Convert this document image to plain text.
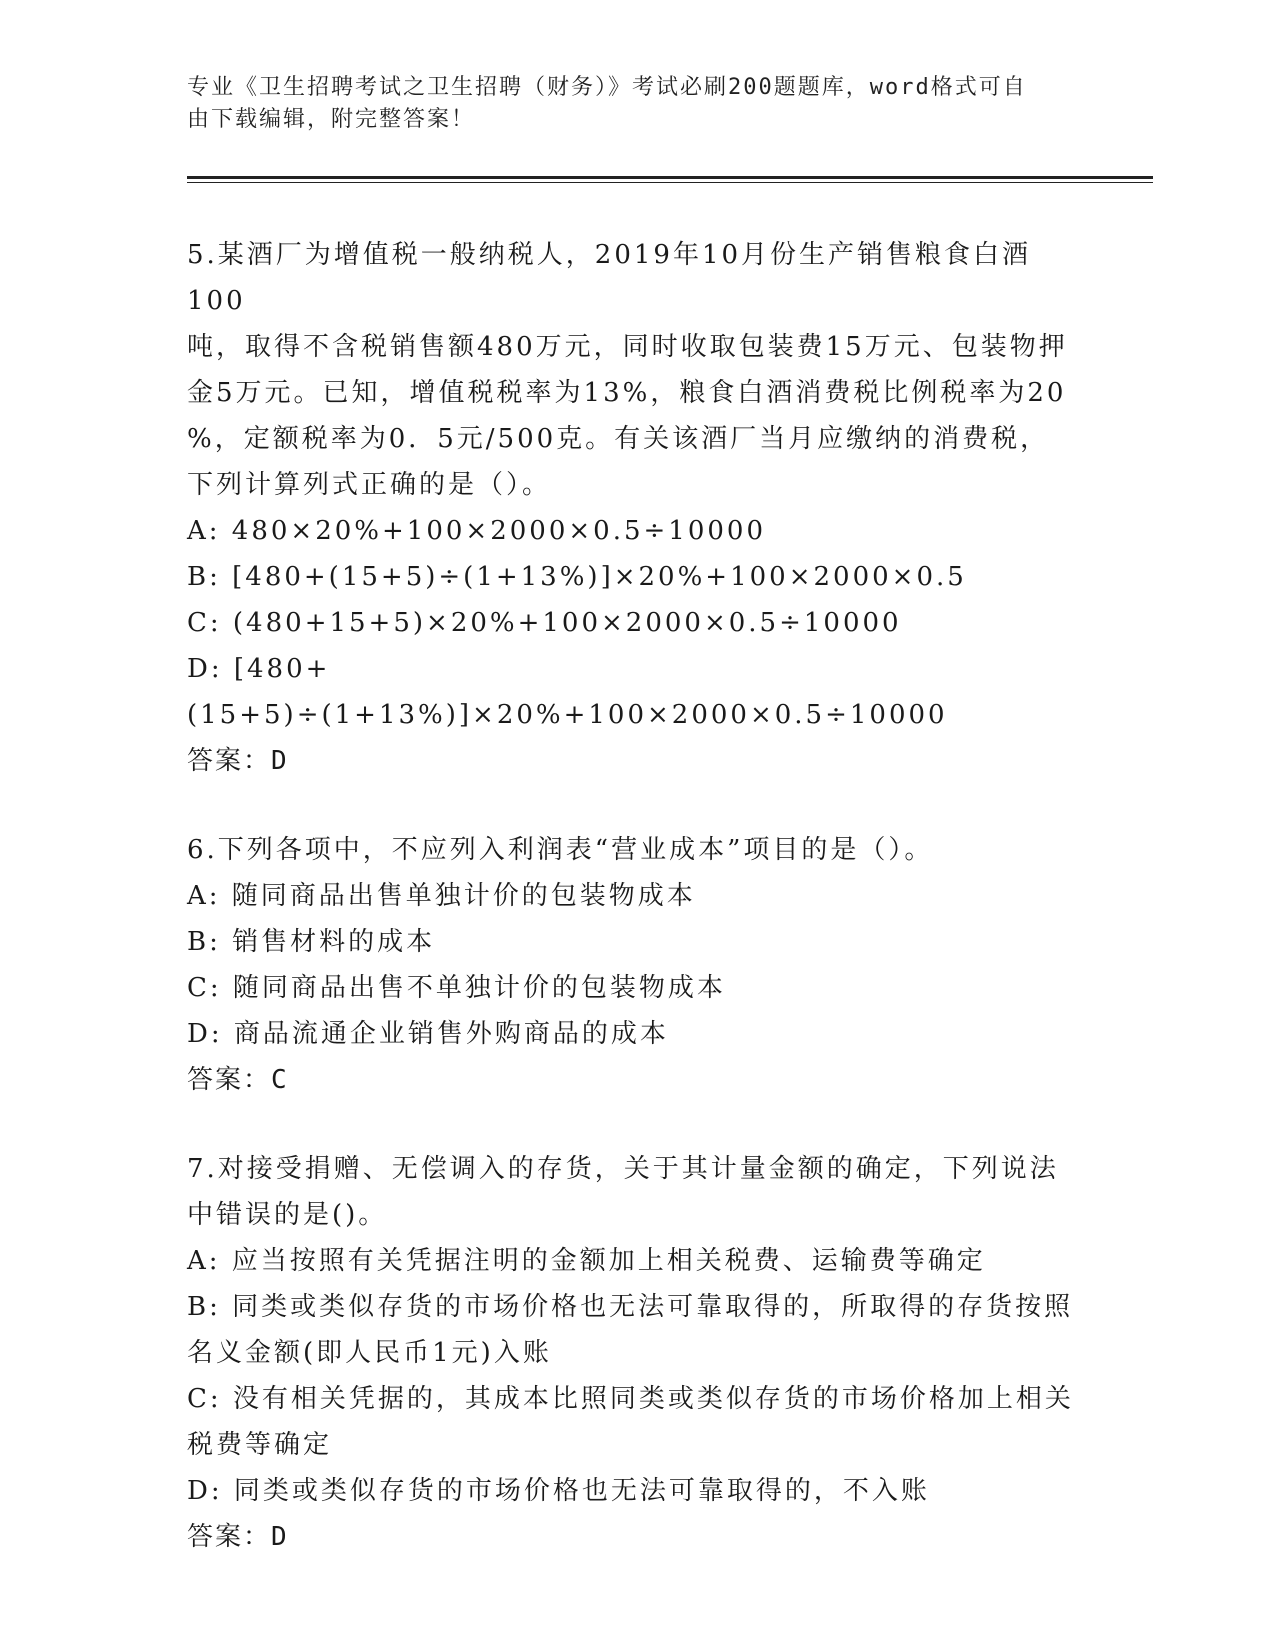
专业《卫生招聘考试之卫生招聘（财务）》考试必刷200题题库，word格式可自
由下载编辑，附完整答案！

5.某酒厂为增值税一般纳税人，2019年10月份生产销售粮食白酒100

吨，取得不含税销售额480万元，同时收取包装费15万元、包装物押

金5万元。已知，增值税税率为13%，粮食白酒消费税比例税率为20

%，定额税率为0．5元/500克。有关该酒厂当月应缴纳的消费税，

下列计算列式正确的是（）。

A: 480×20%+100×2000×0.5÷10000

B: [480+(15+5)÷(1+13%)]×20%+100×2000×0.5

C: (480+15+5)×20%+100×2000×0.5÷10000

D: [480+(15+5)÷(1+13%)]×20%+100×2000×0.5÷10000

答案：D

6.下列各项中，不应列入利润表“营业成本”项目的是（）。

A: 随同商品出售单独计价的包装物成本

B: 销售材料的成本

C: 随同商品出售不单独计价的包装物成本

D: 商品流通企业销售外购商品的成本

答案：C

7.对接受捐赠、无偿调入的存货，关于其计量金额的确定，下列说法

中错误的是()。

A: 应当按照有关凭据注明的金额加上相关税费、运输费等确定

B: 同类或类似存货的市场价格也无法可靠取得的，所取得的存货按照

名义金额(即人民币1元)入账

C: 没有相关凭据的，其成本比照同类或类似存货的市场价格加上相关

税费等确定

D: 同类或类似存货的市场价格也无法可靠取得的，不入账

答案：D
